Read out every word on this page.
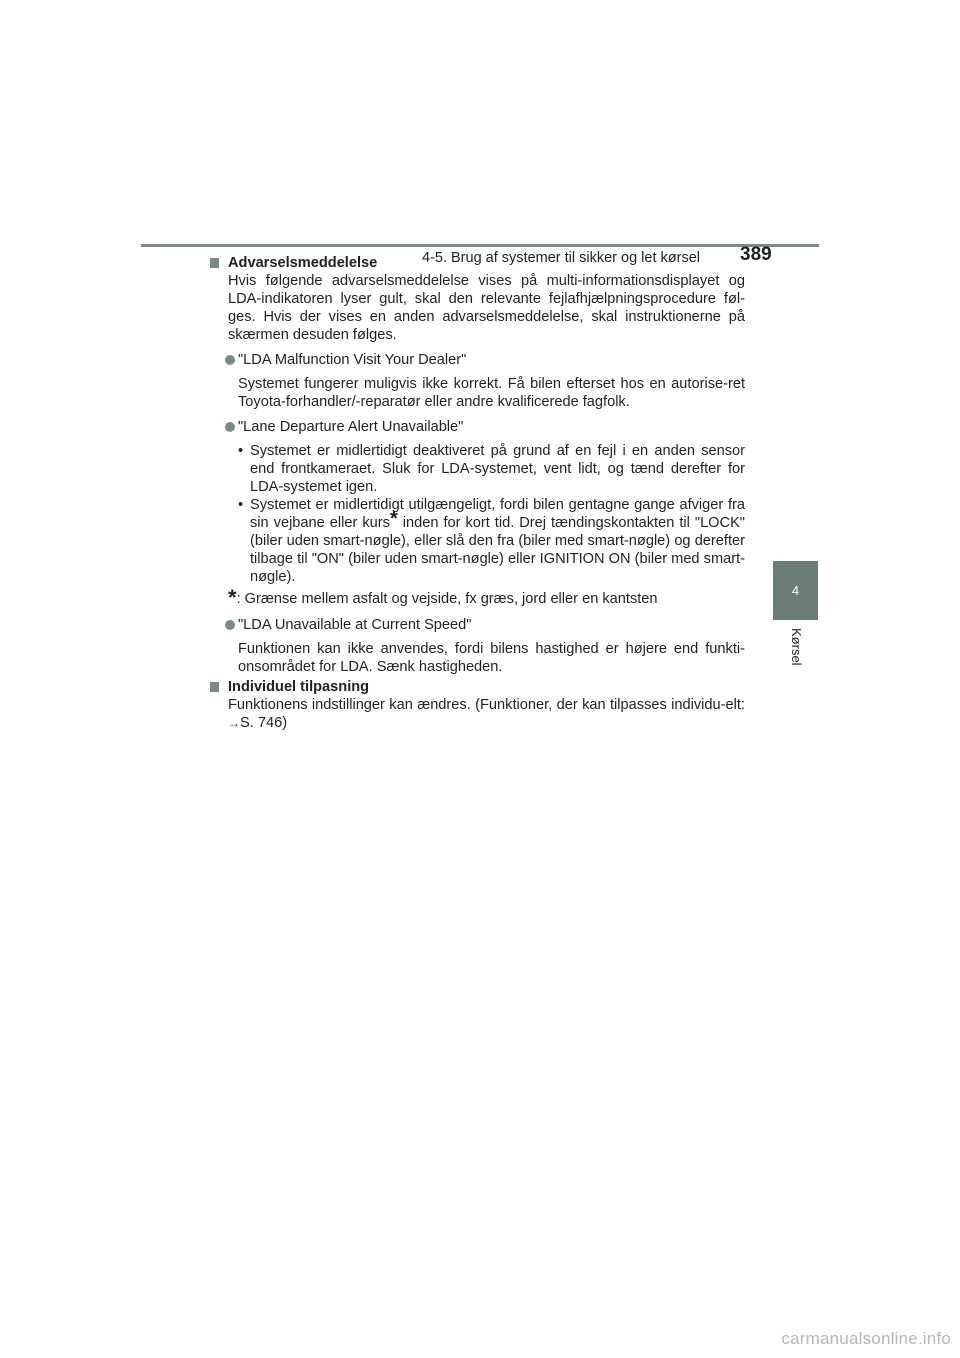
4-5. Brug af systemer til sikker og let kørsel	389
4
Kørsel
Advarselsmeddelelse
Hvis følgende advarselsmeddelelse vises på multi-informationsdisplayet og LDA-indikatoren lyser gult, skal den relevante fejlafhjælpningsprocedure føl-ges. Hvis der vises en anden advarselsmeddelelse, skal instruktionerne på skærmen desuden følges.
"LDA Malfunction Visit Your Dealer"
Systemet fungerer muligvis ikke korrekt. Få bilen efterset hos en autorise-ret Toyota-forhandler/-reparatør eller andre kvalificerede fagfolk.
"Lane Departure Alert Unavailable"
• Systemet er midlertidigt deaktiveret på grund af en fejl i en anden sensor end frontkameraet. Sluk for LDA-systemet, vent lidt, og tænd derefter for LDA-systemet igen.
• Systemet er midlertidigt utilgængeligt, fordi bilen gentagne gange afviger fra sin vejbane eller kurs* inden for kort tid. Drej tændingskontakten til "LOCK" (biler uden smart-nøgle), eller slå den fra (biler med smart-nøgle) og derefter tilbage til "ON" (biler uden smart-nøgle) eller IGNITION ON (biler med smart-nøgle).
*: Grænse mellem asfalt og vejside, fx græs, jord eller en kantsten
"LDA Unavailable at Current Speed"
Funktionen kan ikke anvendes, fordi bilens hastighed er højere end funkti-onsområdet for LDA. Sænk hastigheden.
Individuel tilpasning
Funktionens indstillinger kan ændres. (Funktioner, der kan tilpasses individu-elt: →S. 746)
carmanualsonline.info
